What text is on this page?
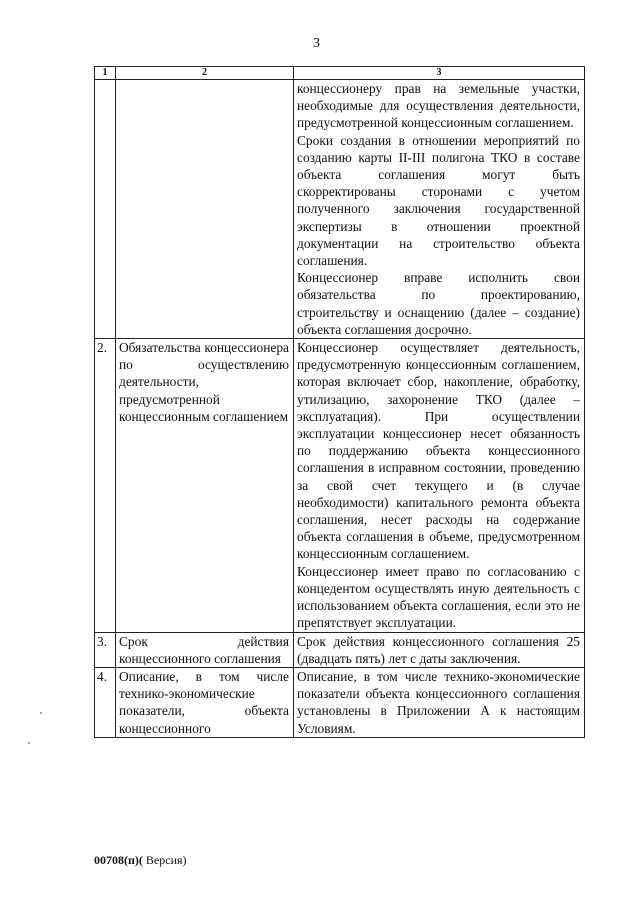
3
1	2	3

		концессионеру прав на земельные участки, необходимые для осуществления деятельности, предусмотренной концессионным соглашением.
Сроки создания в отношении мероприятий по созданию карты II-III полигона ТКО в составе объекта соглашения могут быть скорректированы сторонами с учетом полученного заключения государственной экспертизы в отношении проектной документации на строительство объекта соглашения.
Концессионер вправе исполнить свои обязательства по проектированию, строительству и оснащению (далее – создание) объекта соглашения досрочно.

2.	Обязательства концессионера по осуществлению деятельности, предусмотренной концессионным соглашением	Концессионер осуществляет деятельность, предусмотренную концессионным соглашением, которая включает сбор, накопление, обработку, утилизацию, захоронение ТКО (далее – эксплуатация). При осуществлении эксплуатации концессионер несет обязанность по поддержанию объекта концессионного соглашения в исправном состоянии, проведению за свой счет текущего и (в случае необходимости) капитального ремонта объекта соглашения, несет расходы на содержание объекта соглашения в объеме, предусмотренном концессионным соглашением.
Концессионер имеет право по согласованию с концедентом осуществлять иную деятельность с использованием объекта соглашения, если это не препятствует эксплуатации.

3.	Срок действия концессионного соглашения	Срок действия концессионного соглашения 25 (двадцать пять) лет с даты заключения.

4.	Описание, в том числе технико-экономические показатели, объекта концессионного	Описание, в том числе технико-экономические показатели объекта концессионного соглашения установлены в Приложении А к настоящим Условиям.
00708(п)( Версия)
